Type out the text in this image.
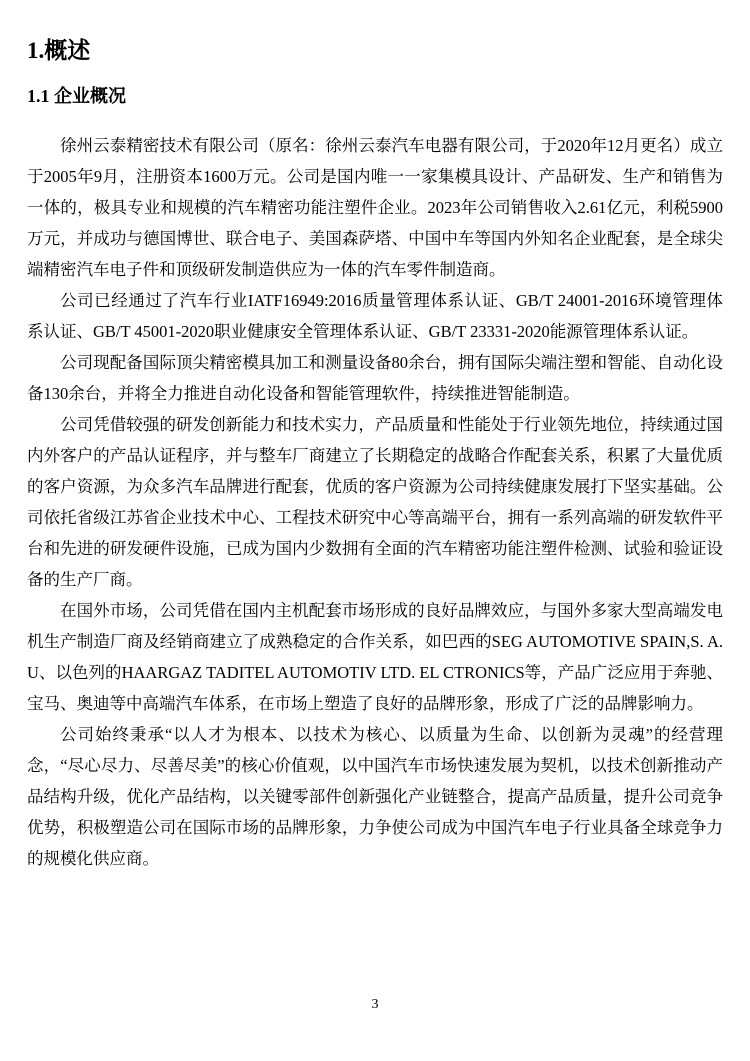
1.概述
1.1 企业概况

徐州云泰精密技术有限公司（原名：徐州云泰汽车电器有限公司，于2020年12月更名）成立于2005年9月，注册资本1600万元。公司是国内唯一一家集模具设计、产品研发、生产和销售为一体的，极具专业和规模的汽车精密功能注塑件企业。2023年公司销售收入2.61亿元，利税5900万元，并成功与德国博世、联合电子、美国森萨塔、中国中车等国内外知名企业配套，是全球尖端精密汽车电子件和顶级研发制造供应为一体的汽车零件制造商。

公司已经通过了汽车行业IATF16949:2016质量管理体系认证、GB/T 24001-2016环境管理体系认证、GB/T 45001-2020职业健康安全管理体系认证、GB/T 23331-2020能源管理体系认证。

公司现配备国际顶尖精密模具加工和测量设备80余台，拥有国际尖端注塑和智能、自动化设备130余台，并将全力推进自动化设备和智能管理软件，持续推进智能制造。

公司凭借较强的研发创新能力和技术实力，产品质量和性能处于行业领先地位，持续通过国内外客户的产品认证程序，并与整车厂商建立了长期稳定的战略合作配套关系，积累了大量优质的客户资源，为众多汽车品牌进行配套，优质的客户资源为公司持续健康发展打下坚实基础。公司依托省级江苏省企业技术中心、工程技术研究中心等高端平台，拥有一系列高端的研发软件平台和先进的研发硬件设施，已成为国内少数拥有全面的汽车精密功能注塑件检测、试验和验证设备的生产厂商。

在国外市场，公司凭借在国内主机配套市场形成的良好品牌效应，与国外多家大型高端发电机生产制造厂商及经销商建立了成熟稳定的合作关系，如巴西的SEG AUTOMOTIVE SPAIN,S. A. U、以色列的HAARGAZ TADITEL AUTOMOTIV LTD. EL CTRONICS等，产品广泛应用于奔驰、宝马、奥迪等中高端汽车体系，在市场上塑造了良好的品牌形象，形成了广泛的品牌影响力。

公司始终秉承“以人才为根本、以技术为核心、以质量为生命、以创新为灵魂”的经营理念，“尽心尽力、尽善尽美”的核心价值观，以中国汽车市场快速发展为契机，以技术创新推动产品结构升级，优化产品结构，以关键零部件创新强化产业链整合，提高产品质量，提升公司竞争优势，积极塑造公司在国际市场的品牌形象，力争使公司成为中国汽车电子行业具备全球竞争力的规模化供应商。

3
